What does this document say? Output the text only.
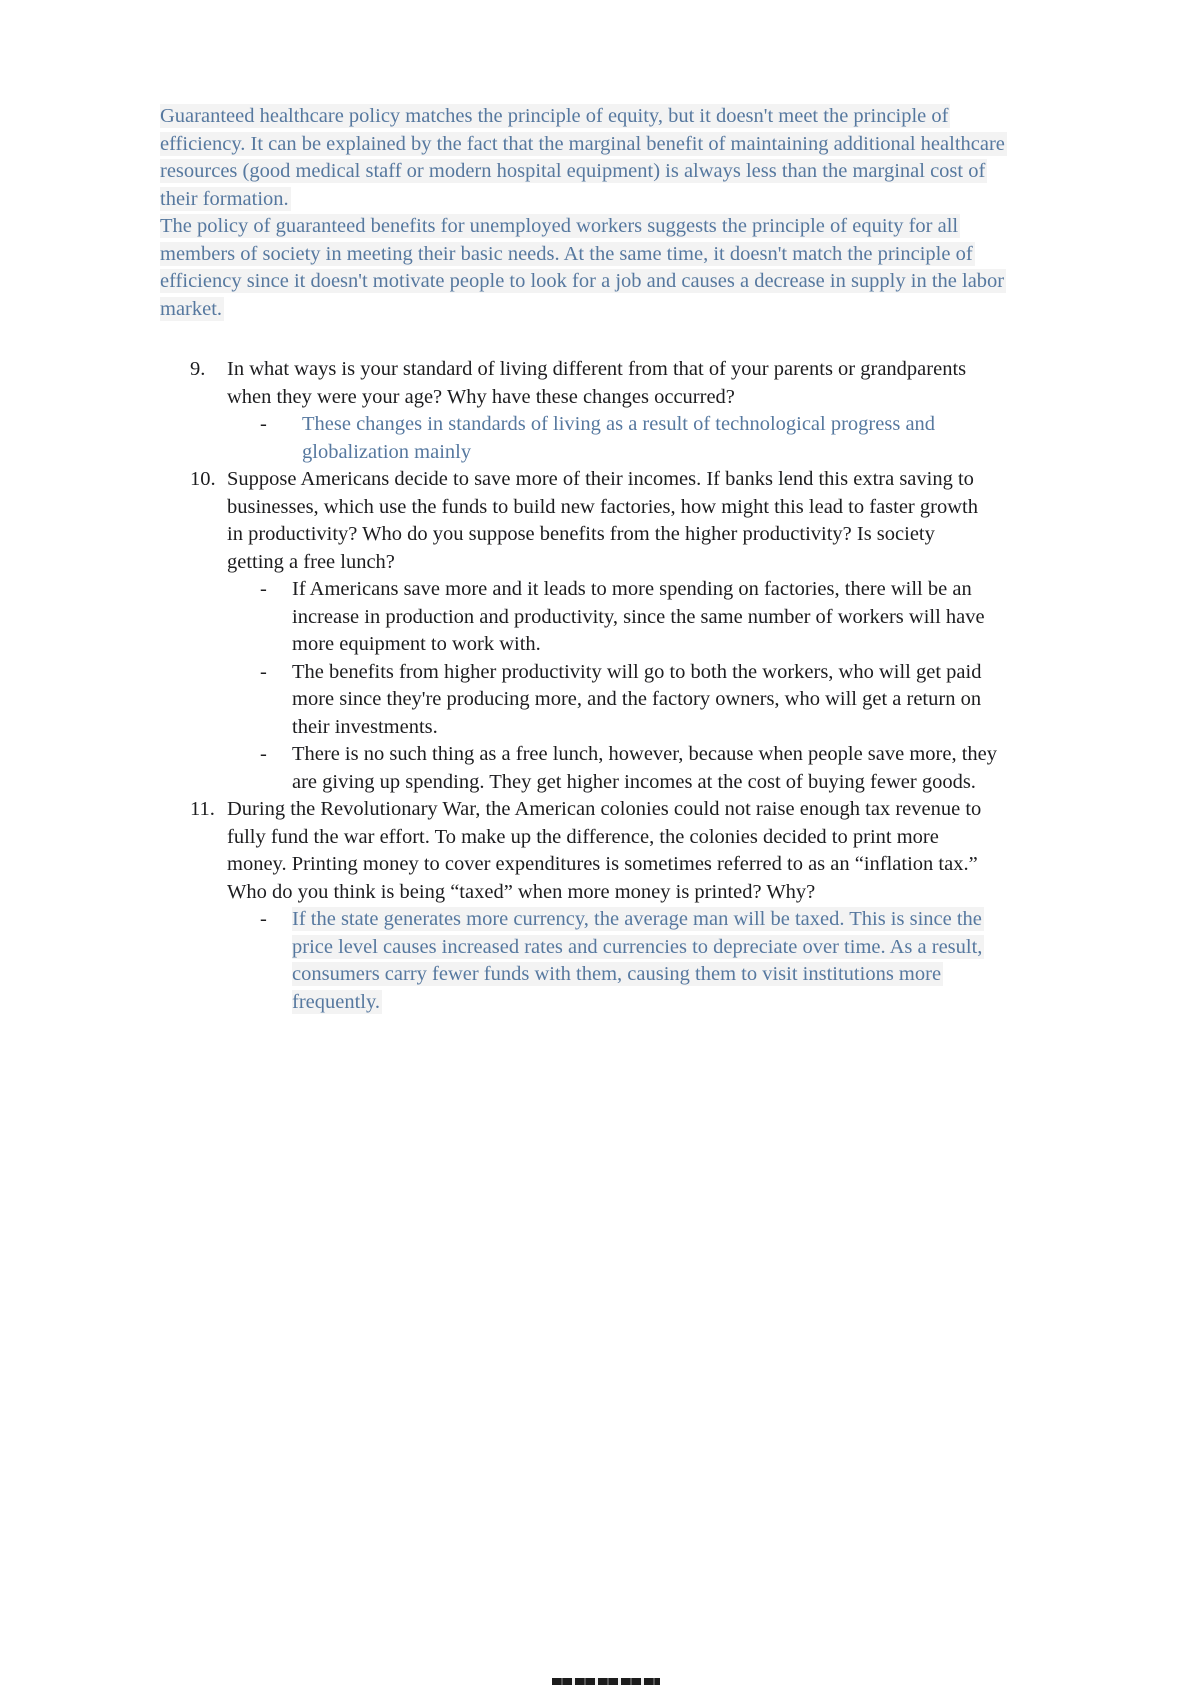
Guaranteed healthcare policy matches the principle of equity, but it doesn't meet the principle of efficiency. It can be explained by the fact that the marginal benefit of maintaining additional healthcare resources (good medical staff or modern hospital equipment) is always less than the marginal cost of their formation.

The policy of guaranteed benefits for unemployed workers suggests the principle of equity for all members of society in meeting their basic needs. At the same time, it doesn't match the principle of efficiency since it doesn't motivate people to look for a job and causes a decrease in supply in the labor market.

9.	In what ways is your standard of living different from that of your parents or grandparents when they were your age? Why have these changes occurred?
-	These changes in standards of living as a result of technological progress and globalization mainly
10. Suppose Americans decide to save more of their incomes. If banks lend this extra saving to businesses, which use the funds to build new factories, how might this lead to faster growth in productivity? Who do you suppose benefits from the higher productivity? Is society getting a free lunch?
-	If Americans save more and it leads to more spending on factories, there will be an increase in production and productivity, since the same number of workers will have more equipment to work with.
-	The benefits from higher productivity will go to both the workers, who will get paid more since they're producing more, and the factory owners, who will get a return on their investments.
-	There is no such thing as a free lunch, however, because when people save more, they are giving up spending. They get higher incomes at the cost of buying fewer goods.
11. During the Revolutionary War, the American colonies could not raise enough tax revenue to fully fund the war effort. To make up the difference, the colonies decided to print more money. Printing money to cover expenditures is sometimes referred to as an “inflation tax.” Who do you think is being “taxed” when more money is printed? Why?
-	If the state generates more currency, the average man will be taxed. This is since the price level causes increased rates and currencies to depreciate over time. As a result, consumers carry fewer funds with them, causing them to visit institutions more frequently.
